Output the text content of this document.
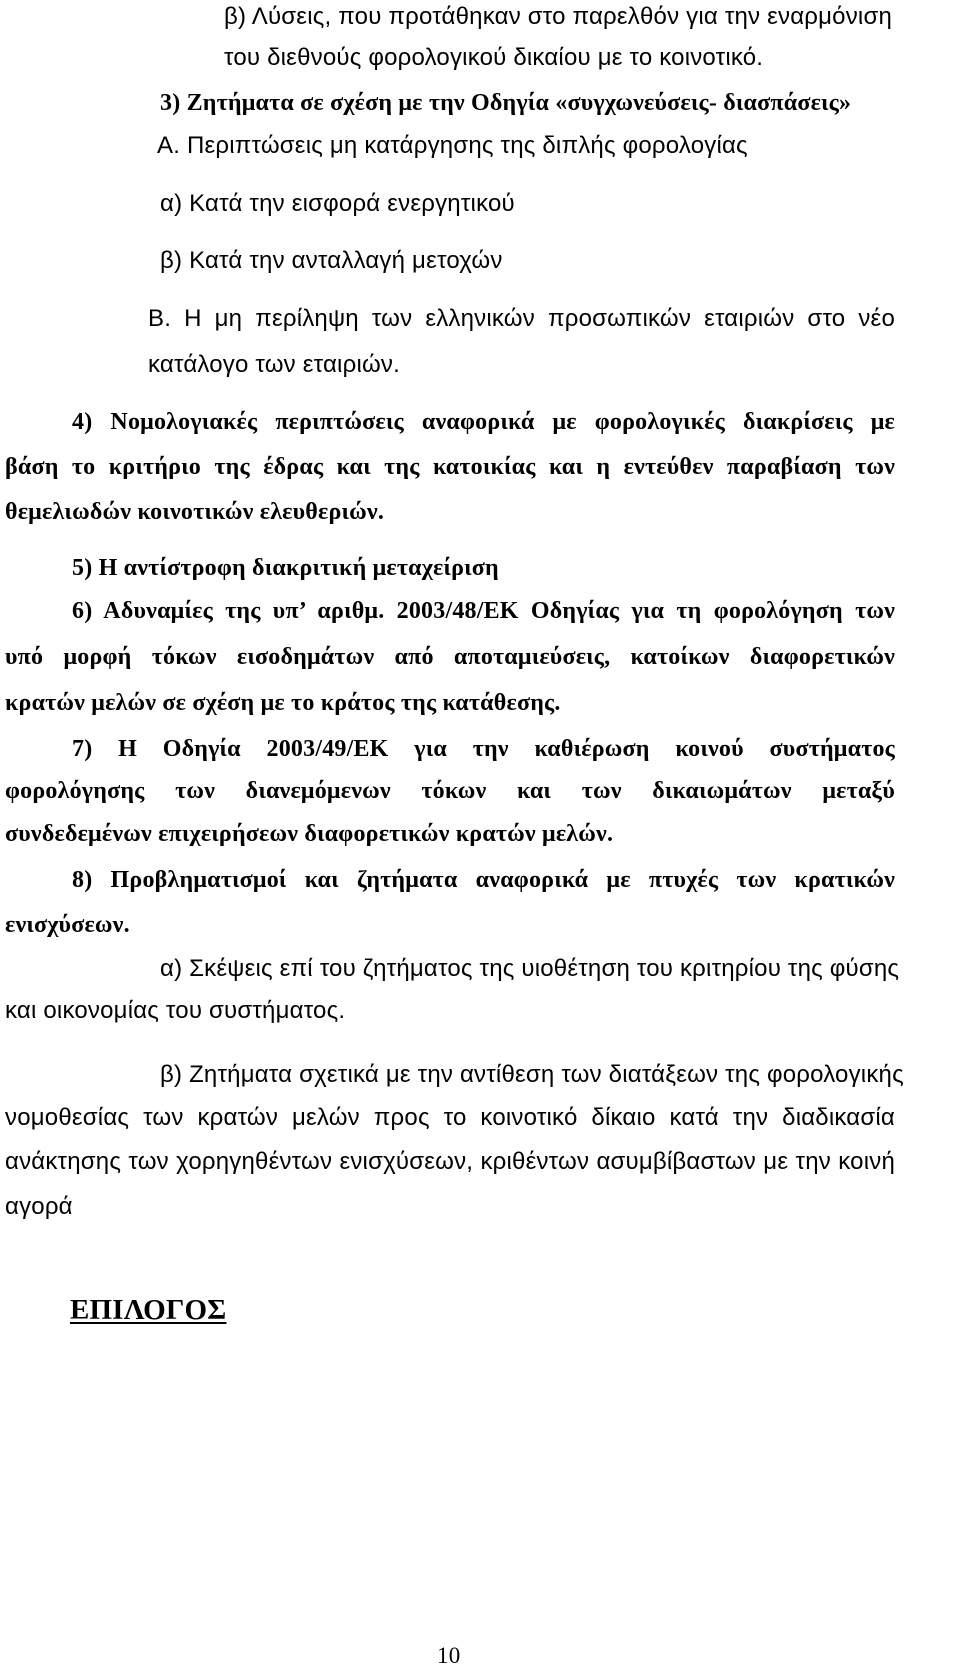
β) Λύσεις, που προτάθηκαν στο παρελθόν για την εναρμόνιση

του διεθνούς φορολογικού δικαίου με το κοινοτικό.

3) Ζητήματα σε σχέση με την Οδηγία «συγχωνεύσεις- διασπάσεις»

Α. Περιπτώσεις μη κατάργησης της διπλής φορολογίας

α) Κατά την εισφορά ενεργητικού

β) Κατά την ανταλλαγή μετοχών

Β. Η μη περίληψη των ελληνικών προσωπικών εταιριών στο νέο

κατάλογο των εταιριών.

4) Νομολογιακές περιπτώσεις αναφορικά με φορολογικές διακρίσεις με

βάση το κριτήριο της έδρας και της κατοικίας και η εντεύθεν παραβίαση των

θεμελιωδών κοινοτικών ελευθεριών.

5) Η αντίστροφη διακριτική μεταχείριση

6) Αδυναμίες της υπ’ αριθμ. 2003/48/ΕΚ Οδηγίας για τη φορολόγηση των

υπό μορφή τόκων εισοδημάτων από αποταμιεύσεις, κατοίκων διαφορετικών

κρατών μελών σε σχέση με το κράτος της κατάθεσης.

7) Η Οδηγία 2003/49/ΕΚ για την καθιέρωση κοινού συστήματος

φορολόγησης των διανεμόμενων τόκων και των δικαιωμάτων μεταξύ

συνδεδεμένων επιχειρήσεων διαφορετικών κρατών μελών.

8) Προβληματισμοί και ζητήματα αναφορικά με πτυχές των κρατικών

ενισχύσεων.

α) Σκέψεις επί του ζητήματος της υιοθέτηση του κριτηρίου της φύσης

και οικονομίας του συστήματος.

β) Ζητήματα σχετικά με την αντίθεση των διατάξεων της φορολογικής

νομοθεσίας των κρατών μελών προς το κοινοτικό δίκαιο κατά την διαδικασία

ανάκτησης των χορηγηθέντων ενισχύσεων, κριθέντων ασυμβίβαστων με την κοινή

αγορά

ΕΠΙΛΟΓΟΣ

10
